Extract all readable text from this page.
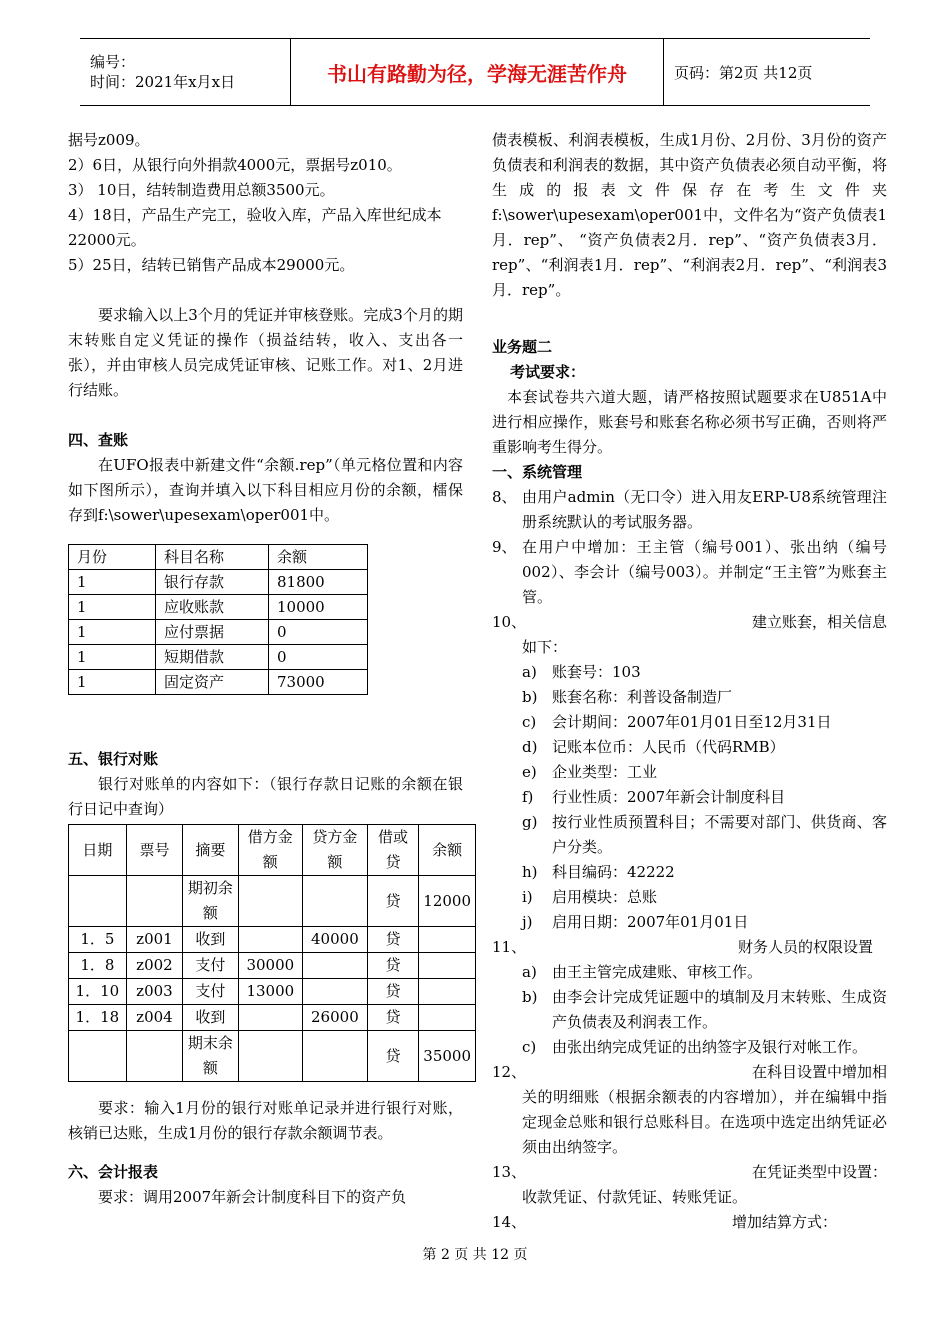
编号：
时间：2021年x月x日	书山有路勤为径，学海无涯苦作舟	页码：第2页 共12页

据号z009。

2）6日，从银行向外捐款4000元，票据号z010。

3） 10日，结转制造费用总额3500元。

4）18日，产品生产完工，验收入库，产品入库世纪成本22000元。

5）25日，结转已销售产品成本29000元。

要求输入以上3个月的凭证并审核登账。完成3个月的期末转账自定义凭证的操作（损益结转，收入、支出各一张），并由审核人员完成凭证审核、记账工作。对1、2月进行结账。

四、查账

在UFO报表中新建文件“余额.rep”（单元格位置和内容如下图所示），查询并填入以下科目相应月份的余额，檑保存到f:\sower\upesexam\oper001中。

月份	科目名称	余额
1	银行存款	81800
1	应收账款	10000
1	应付票据	0
1	短期借款	0
1	固定资产	73000

五、银行对账

银行对账单的内容如下：（银行存款日记账的余额在银行日记中查询）

日期	票号	摘要	借方金额	贷方金额	借或贷	余额
		期初余额			贷	12000
1．5	z001	收到		40000	贷	
1．8	z002	支付	30000		贷	
1．10	z003	支付	13000		贷	
1．18	z004	收到		26000	贷	
		期末余额			贷	35000

要求：输入1月份的银行对账单记录并进行银行对账，核销已达账，生成1月份的银行存款余额调节表。

六、会计报表

要求：调用2007年新会计制度科目下的资产负

债表模板、利润表模板，生成1月份、2月份、3月份的资产负债表和利润表的数据，其中资产负债表必须自动平衡，将生成的报表文件保存在考生文件夹f:\sower\upesexam\oper001中，文件名为“资产负债表1月．rep”、 “资产负债表2月．rep”、“资产负债表3月．rep”、“利润表1月．rep”、“利润表2月．rep”、“利润表3月．rep”。

业务题二

考试要求：

本套试卷共六道大题，请严格按照试题要求在U851A中进行相应操作，账套号和账套名称必须书写正确，否则将严重影响考生得分。

一、系统管理

8、 由用户admin（无口令）进入用友ERP-U8系统管理注册系统默认的考试服务器。
9、 在用户中增加：王主管（编号001）、张出纳（编号002）、李会计（编号003）。并制定“王主管”为账套主管。
10、	建立账套，相关信息

如下：

a)	账套号：103
b) 账套名称：利普设备制造厂
c)	会计期间：2007年01月01日至12月31日
d) 记账本位币：人民币（代码RMB）
e)	企业类型：工业
f)	行业性质：2007年新会计制度科目
g) 按行业性质预置科目；不需要对部门、供货商、客户分类。
h) 科目编码：42222
i)	启用模块：总账
j)	启用日期：2007年01月01日
11、	财务人员的权限设置
a)	由王主管完成建账、审核工作。
b) 由李会计完成凭证题中的填制及月末转账、生成资产负债表及利润表工作。
c)	由张出纳完成凭证的出纳签字及银行对帐工作。
12、	在科目设置中增加相

关的明细账（根据余额表的内容增加），并在编辑中指定现金总账和银行总账科目。在选项中选定出纳凭证必须由出纳签字。

13、	在凭证类型中设置：

收款凭证、付款凭证、转账凭证。

14、	增加结算方式：
第 2 页 共 12 页
